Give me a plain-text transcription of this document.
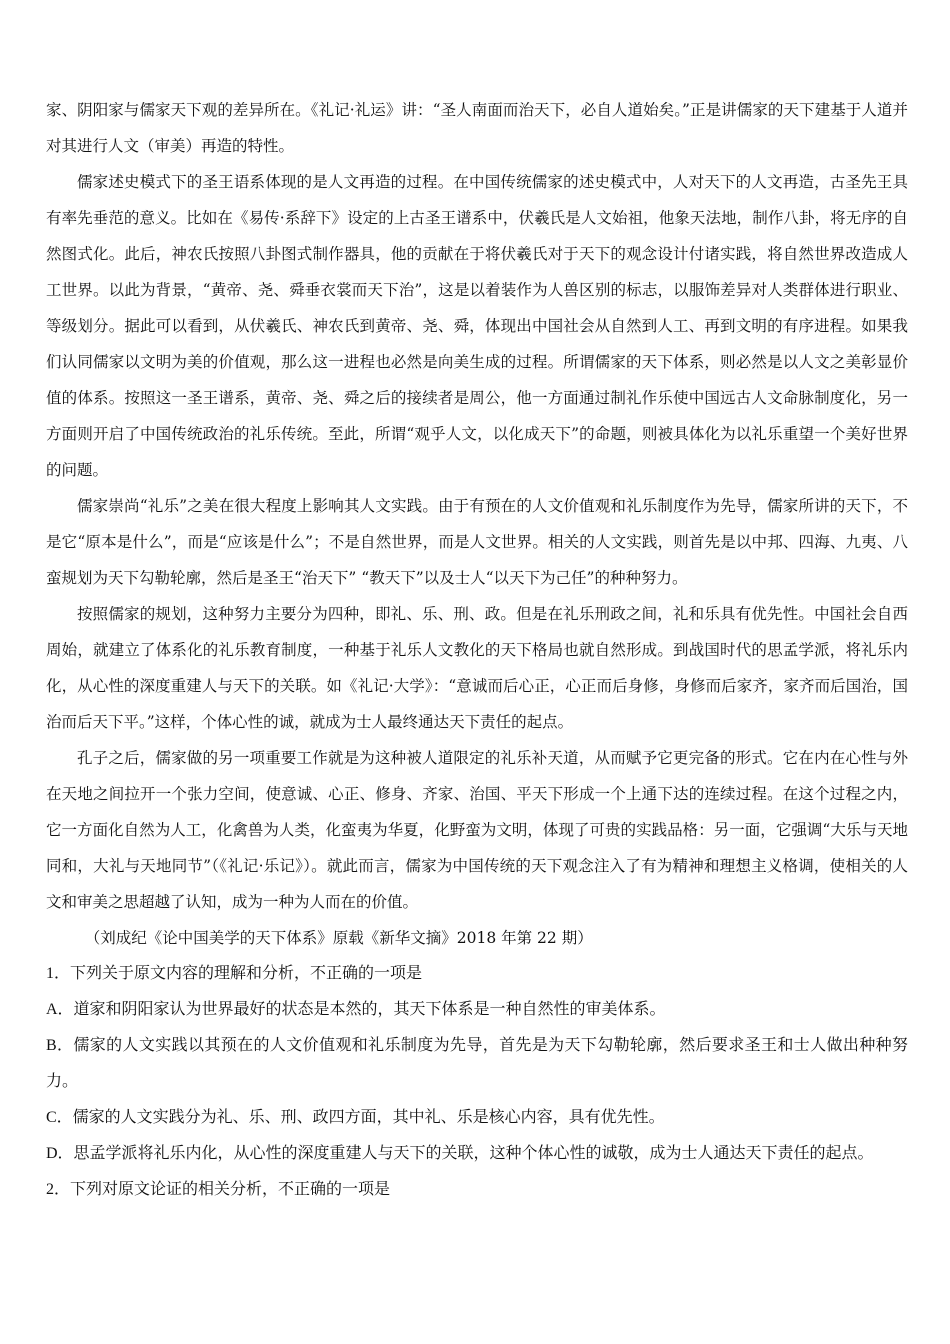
家、阴阳家与儒家天下观的差异所在。《礼记·礼运》讲：“圣人南面而治天下，必自人道始矣。”正是讲儒家的天下建基于人道并对其进行人文（审美）再造的特性。

儒家述史模式下的圣王语系体现的是人文再造的过程。在中国传统儒家的述史模式中，人对天下的人文再造，古圣先王具有率先垂范的意义。比如在《易传·系辞下》设定的上古圣王谱系中，伏羲氏是人文始祖，他象天法地，制作八卦，将无序的自然图式化。此后，神农氏按照八卦图式制作器具，他的贡献在于将伏羲氏对于天下的观念设计付诸实践，将自然世界改造成人工世界。以此为背景，“黄帝、尧、舜垂衣裳而天下治”，这是以着装作为人兽区别的标志，以服饰差异对人类群体进行职业、等级划分。据此可以看到，从伏羲氏、神农氏到黄帝、尧、舜，体现出中国社会从自然到人工、再到文明的有序进程。如果我们认同儒家以文明为美的价值观，那么这一进程也必然是向美生成的过程。所谓儒家的天下体系，则必然是以人文之美彰显价值的体系。按照这一圣王谱系，黄帝、尧、舜之后的接续者是周公，他一方面通过制礼作乐使中国远古人文命脉制度化，另一方面则开启了中国传统政治的礼乐传统。至此，所谓“观乎人文，以化成天下”的命题，则被具体化为以礼乐重望一个美好世界的问题。

儒家崇尚“礼乐”之美在很大程度上影响其人文实践。由于有预在的人文价值观和礼乐制度作为先导，儒家所讲的天下，不是它“原本是什么”，而是“应该是什么”；不是自然世界，而是人文世界。相关的人文实践，则首先是以中邦、四海、九夷、八蛮规划为天下勾勒轮廓，然后是圣王“治天下” “教天下”以及士人“以天下为己任”的种种努力。

按照儒家的规划，这种努力主要分为四种，即礼、乐、刑、政。但是在礼乐刑政之间，礼和乐具有优先性。中国社会自西周始，就建立了体系化的礼乐教育制度，一种基于礼乐人文教化的天下格局也就自然形成。到战国时代的思孟学派，将礼乐内化，从心性的深度重建人与天下的关联。如《礼记·大学》：“意诚而后心正，心正而后身修，身修而后家齐，家齐而后国治，国治而后天下平。”这样，个体心性的诚，就成为士人最终通达天下责任的起点。

孔子之后，儒家做的另一项重要工作就是为这种被人道限定的礼乐补天道，从而赋予它更完备的形式。它在内在心性与外在天地之间拉开一个张力空间，使意诚、心正、修身、齐家、治国、平天下形成一个上通下达的连续过程。在这个过程之内，它一方面化自然为人工，化禽兽为人类，化蛮夷为华夏，化野蛮为文明，体现了可贵的实践品格：另一面，它强调“大乐与天地同和，大礼与天地同节”（《礼记·乐记》）。就此而言，儒家为中国传统的天下观念注入了有为精神和理想主义格调，使相关的人文和审美之思超越了认知，成为一种为人而在的价值。

（刘成纪《论中国美学的天下体系》原载《新华文摘》2018 年第 22 期）

1．下列关于原文内容的理解和分析，不正确的一项是

A．道家和阴阳家认为世界最好的状态是本然的，其天下体系是一种自然性的审美体系。

B．儒家的人文实践以其预在的人文价值观和礼乐制度为先导，首先是为天下勾勒轮廓，然后要求圣王和士人做出种种努力。

C．儒家的人文实践分为礼、乐、刑、政四方面，其中礼、乐是核心内容，具有优先性。

D．思孟学派将礼乐内化，从心性的深度重建人与天下的关联，这种个体心性的诚敬，成为士人通达天下责任的起点。

2．下列对原文论证的相关分析，不正确的一项是
